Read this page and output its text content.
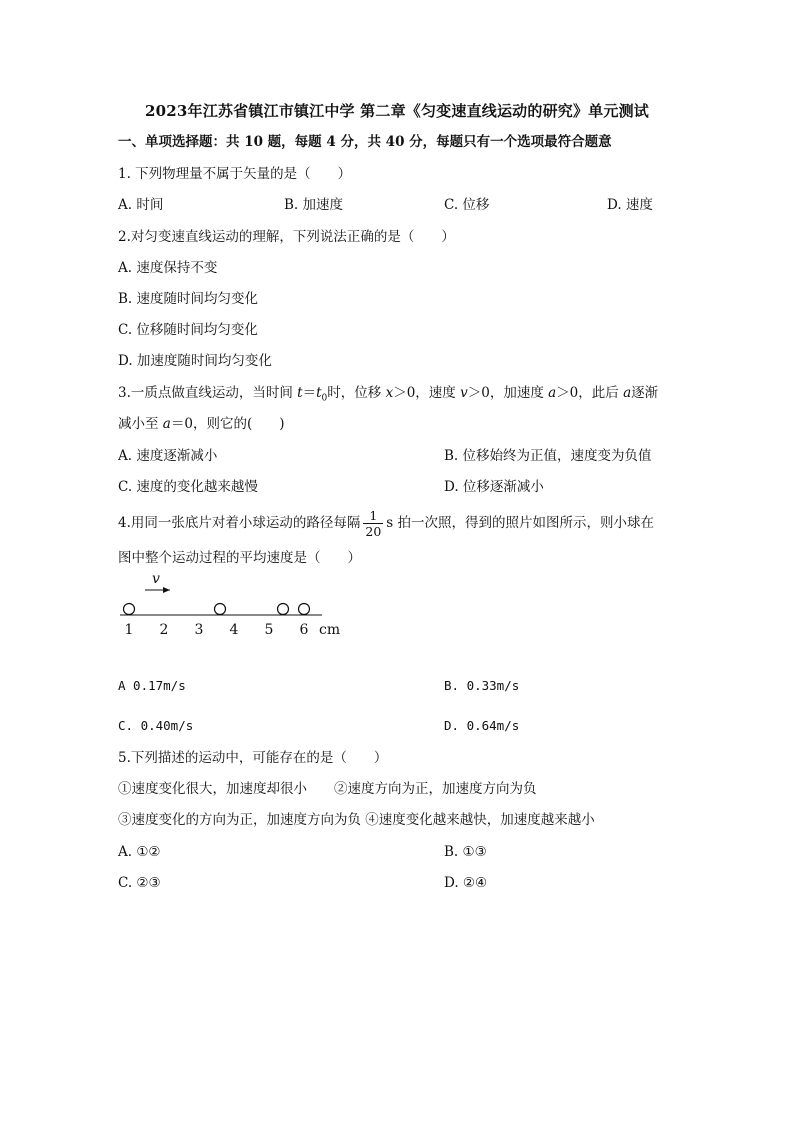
2023年江苏省镇江市镇江中学 第二章《匀变速直线运动的研究》单元测试
一、单项选择题：共 10 题，每题 4 分，共 40 分，每题只有一个选项最符合题意
1. 下列物理量不属于矢量的是（　　）
A. 时间	B. 加速度	C. 位移	D. 速度
2.对匀变速直线运动的理解，下列说法正确的是（　　）
A. 速度保持不变
B. 速度随时间均匀变化
C. 位移随时间均匀变化
D. 加速度随时间均匀变化
3.一质点做直线运动，当时间 $t=t_0$时，位移 x＞0，速度 v＞0，加速度 a＞0，此后 a逐渐
减小至 a＝0，则它的(　　)
A. 速度逐渐减小	B. 位移始终为正值，速度变为负值
C. 速度的变化越来越慢	D. 位移逐渐减小
4.用同一张底片对着小球运动的路径每隔 $\frac{1}{20}$ s 拍一次照，得到的照片如图所示，则小球在
图中整个运动过程的平均速度是（　　）
v
1 2 3 4 5 6 cm
A 0.17m/s	B. 0.33m/s
C. 0.40m/s	D. 0.64m/s
5.下列描述的运动中，可能存在的是（　　）
①速度变化很大，加速度却很小　　②速度方向为正，加速度方向为负
③速度变化的方向为正，加速度方向为负 ④速度变化越来越快，加速度越来越小
A. ①②	B. ①③
C. ②③	D. ②④
